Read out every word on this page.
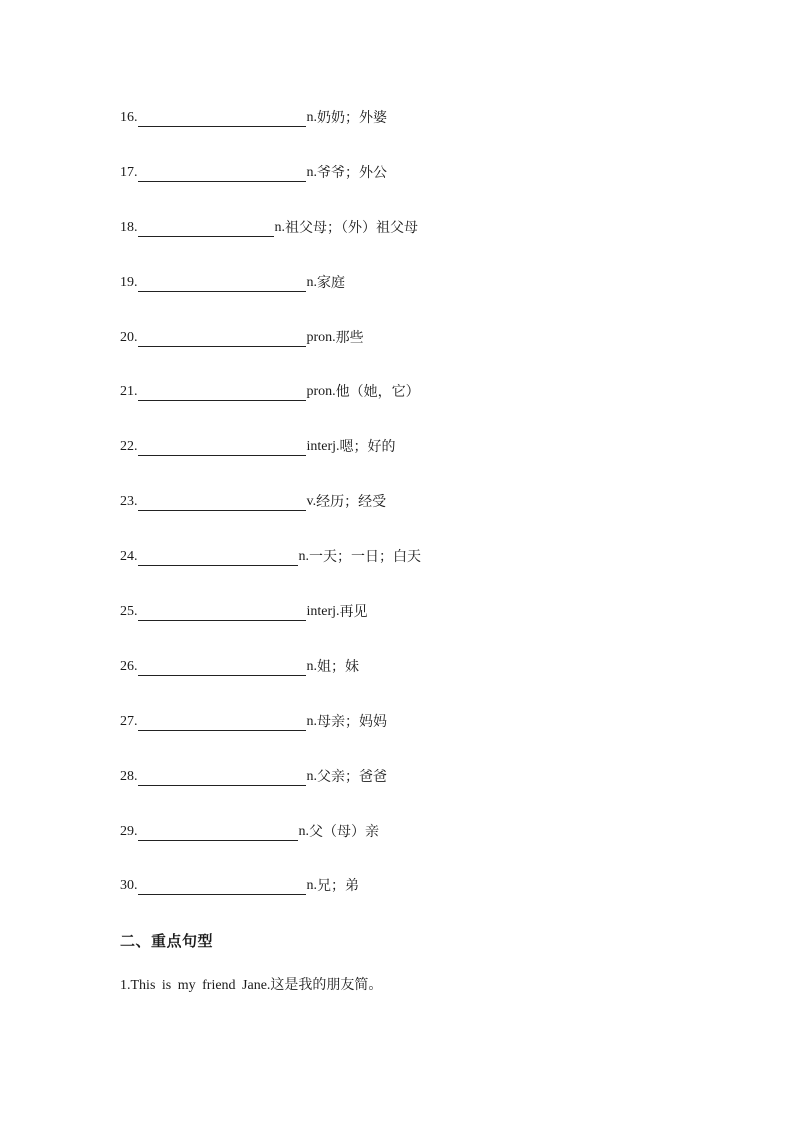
16.	n. 奶奶；外婆
17.	n. 爷爷；外公
18.	n. 祖父母；（外）祖父母
19.	n. 家庭
20.	pron. 那些
21.	pron. 他（她，它）
22.	interj. 嗯；好的
23.	v. 经历；经受
24.	n. 一天；一日；白天
25.	interj. 再见
26.	n. 姐；妹
27.	n. 母亲；妈妈
28.	n. 父亲；爸爸
29.	n. 父（母）亲
30.	n. 兄；弟
二、重点句型
1.This is my friend Jane.这是我的朋友简。
